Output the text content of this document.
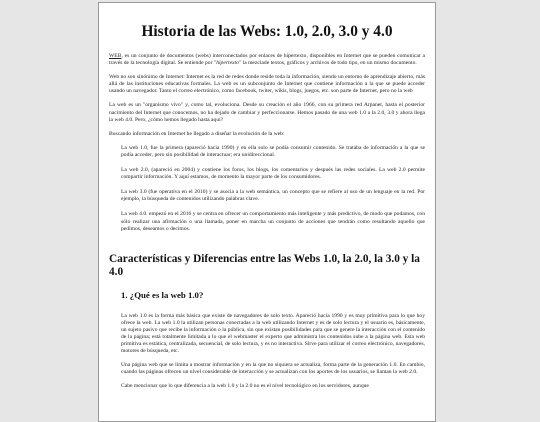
Historia de las Webs: 1.0, 2.0, 3.0 y 4.0

WEB, es un conjunto de documentos (webs) interconectados por enlaces de hipertexto, disponibles en Internet que se pueden comunicar a través de la tecnología digital. Se entiende por "hipertexto" la mezclade textos, gráficos y archivos de todo tipo, en un mismo documento.

Web no son sinónimo de Internet: Internet es la red de redes donde reside toda la información, siendo un entorno de aprendizaje abierto, más allá de las instituciones educativas formales. La web es un subconjunto de Internet que contiene información a la que se puede acceder usando un navegador. Tanto el correo electrónico, como facebook, twiter, wikis, blogs, juegos, etc. son parte de Internet, pero no la web

La web es un "organismo vivo" y, como tal, evoluciona. Desde su creación el año 1966, con su primera red Arpanet, hasta el posterior nacimiento del Internet que conocemos, no ha dejado de cambiar y perfeccionarse. Hemos pasado de una web 1.0 a la 2.0, 3.0 y ahora llega la web 4.0. Pero, ¿cómo hemos llegado hasta aquí?

Buscando información en Internet he llegado a diseñar la evolución de la web:

La web 1.0, fue la primera (apareció hacia 1990) y en ella solo se podía consumir contenido. Se trataba de información a la que se podía acceder, pero sin posibilidad de interactuar; era unidireccional.

La web 2.0, (apareció en 2004) y contiene los foros, los blogs, los comentarios y después las redes sociales. La web 2.0 permite compartir información. Y aquí estamos, de momento la mayor parte de los consumidores.

La web 3.0 (fue operativa en el 2010) y se asocia a la web semántica, un concepto que se refiere al uso de un lenguaje en la red. Por ejemplo, la búsqueda de contenidos utilizando palabras clave.

La web 4.0. empezó en el 2016 y se centra en ofrecer un comportamiento más inteligente y más predictivo, de modo que podamos, con sólo realizar una afirmación o una llamada, poner en marcha un conjunto de acciones que tendrán como resultando aquello que pedimos, deseamos o decimos.

Características y Diferencias entre las Webs 1.0, la 2.0, la 3.0 y la 4.0
1. ¿Qué es la web 1.0?

La web 1.0 es la forma más básica que existe de navegadores de solo texto. Apareció hacia 1990 y es muy primitiva para lo que hoy ofrece la web. La web 1.0 la utilizan personas conectadas a la web utilizando Internet y es de solo lectura y el usuario es, básicamente, un sujeto pasivo que recibe la información o la pública, sin que existan posibilidades para que se genere la interacción con el contenido de la página; está totalmente limitada a lo que el webmaster el experto que administra los contenidos sube a la página web. Esta web primitiva es estática, centralizada, secuencial, de solo lectura, y es no interactiva. Sirve para utilizar el correo electrónico, navegadores, motores de búsqueda, etc.

Una página web que se limita a mostrar información y en la que no siquiera se actualiza, forma parte de la generación 1.0. En cambio, cuando las páginas ofrecen un nivel considerable de interacción y se actualizan con los aportes de los usuarios, se llaman la web 2.0.

Cabe mencionar que lo que diferencia a la web 1.0 y la 2.0 no es el nivel tecnológico en los servidores, aunque
